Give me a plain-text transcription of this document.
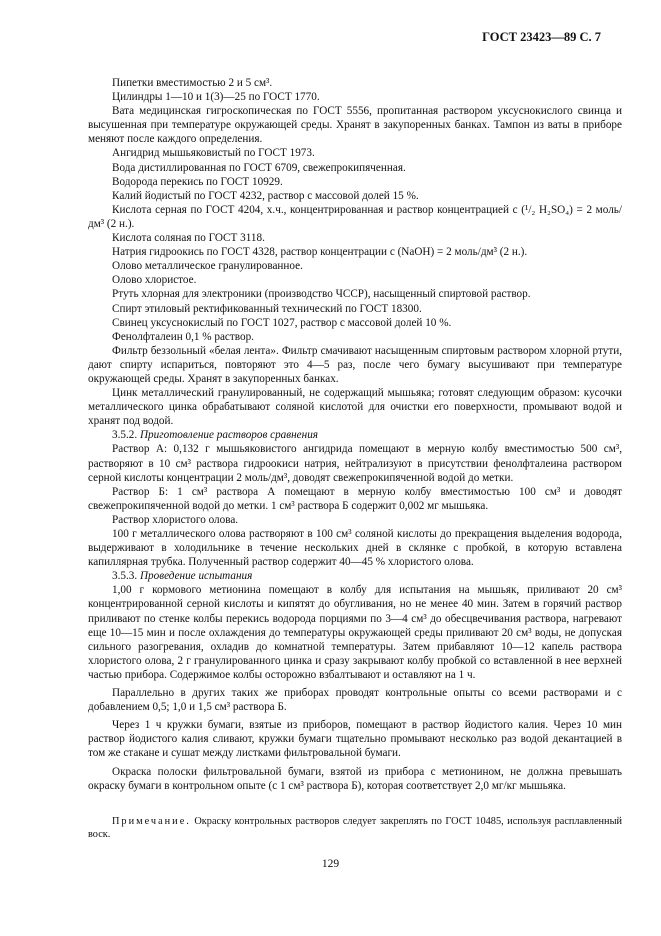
ГОСТ 23423—89 С. 7

Пипетки вместимостью 2 и 5 см³.

Цилиндры 1—10 и 1(3)—25 по ГОСТ 1770.

Вата медицинская гигроскопическая по ГОСТ 5556, пропитанная раствором уксуснокислого свинца и высушенная при температуре окружающей среды. Хранят в закупоренных банках. Тампон из ваты в приборе меняют после каждого определения.

Ангидрид мышьяковистый по ГОСТ 1973.

Вода дистиллированная по ГОСТ 6709, свежепрокипяченная.

Водорода перекись по ГОСТ 10929.

Калий йодистый по ГОСТ 4232, раствор с массовой долей 15 %.

Кислота серная по ГОСТ 4204, х.ч., концентрированная и раствор концентрацией c (¹/₂ H₂SO₄) = 2 моль/дм³ (2 н.).

Кислота соляная по ГОСТ 3118.

Натрия гидроокись по ГОСТ 4328, раствор концентрации c (NaOH) = 2 моль/дм³ (2 н.).

Олово металлическое гранулированное.

Олово хлористое.

Ртуть хлорная для электроники (производство ЧССР), насыщенный спиртовой раствор.

Спирт этиловый ректификованный технический по ГОСТ 18300.

Свинец уксуснокислый по ГОСТ 1027, раствор с массовой долей 10 %.

Фенолфталеин 0,1 % раствор.

Фильтр беззольный «белая лента». Фильтр смачивают насыщенным спиртовым раствором хлорной ртути, дают спирту испариться, повторяют это 4—5 раз, после чего бумагу высушивают при температуре окружающей среды. Хранят в закупоренных банках.

Цинк металлический гранулированный, не содержащий мышьяка; готовят следующим образом: кусочки металлического цинка обрабатывают соляной кислотой для очистки его поверхности, промывают водой и хранят под водой.

3.5.2. Приготовление растворов сравнения

Раствор А: 0,132 г мышьяковистого ангидрида помещают в мерную колбу вместимостью 500 см³, растворяют в 10 см³ раствора гидроокиси натрия, нейтрализуют в присутствии фенолфталеина раствором серной кислоты концентрации 2 моль/дм³, доводят свежепрокипяченной водой до метки.

Раствор Б: 1 см³ раствора А помещают в мерную колбу вместимостью 100 см³ и доводят свежепрокипяченной водой до метки. 1 см³ раствора Б содержит 0,002 мг мышьяка.

Раствор хлористого олова.

100 г металлического олова растворяют в 100 см³ соляной кислоты до прекращения выделения водорода, выдерживают в холодильнике в течение нескольких дней в склянке с пробкой, в которую вставлена капиллярная трубка. Полученный раствор содержит 40—45 % хлористого олова.

3.5.3. Проведение испытания

1,00 г кормового метионина помещают в колбу для испытания на мышьяк, приливают 20 см³ концентрированной серной кислоты и кипятят до обугливания, но не менее 40 мин. Затем в горячий раствор приливают по стенке колбы перекись водорода порциями по 3—4 см³ до обесцвечивания раствора, нагревают еще 10—15 мин и после охлаждения до температуры окружающей среды приливают 20 см³ воды, не допуская сильного разогревания, охладив до комнатной температуры. Затем прибавляют 10—12 капель раствора хлористого олова, 2 г гранулированного цинка и сразу закрывают колбу пробкой со вставленной в нее верхней частью прибора. Содержимое колбы осторожно взбалтывают и оставляют на 1 ч.

Параллельно в других таких же приборах проводят контрольные опыты со всеми растворами и с добавлением 0,5; 1,0 и 1,5 см³ раствора Б.

Через 1 ч кружки бумаги, взятые из приборов, помещают в раствор йодистого калия. Через 10 мин раствор йодистого калия сливают, кружки бумаги тщательно промывают несколько раз водой декантацией в том же стакане и сушат между листками фильтровальной бумаги.

Окраска полоски фильтровальной бумаги, взятой из прибора с метионином, не должна превышать окраску бумаги в контрольном опыте (с 1 см³ раствора Б), которая соответствует 2,0 мг/кг мышьяка.

Примечание. Окраску контрольных растворов следует закреплять по ГОСТ 10485, используя расплавленный воск.

129
